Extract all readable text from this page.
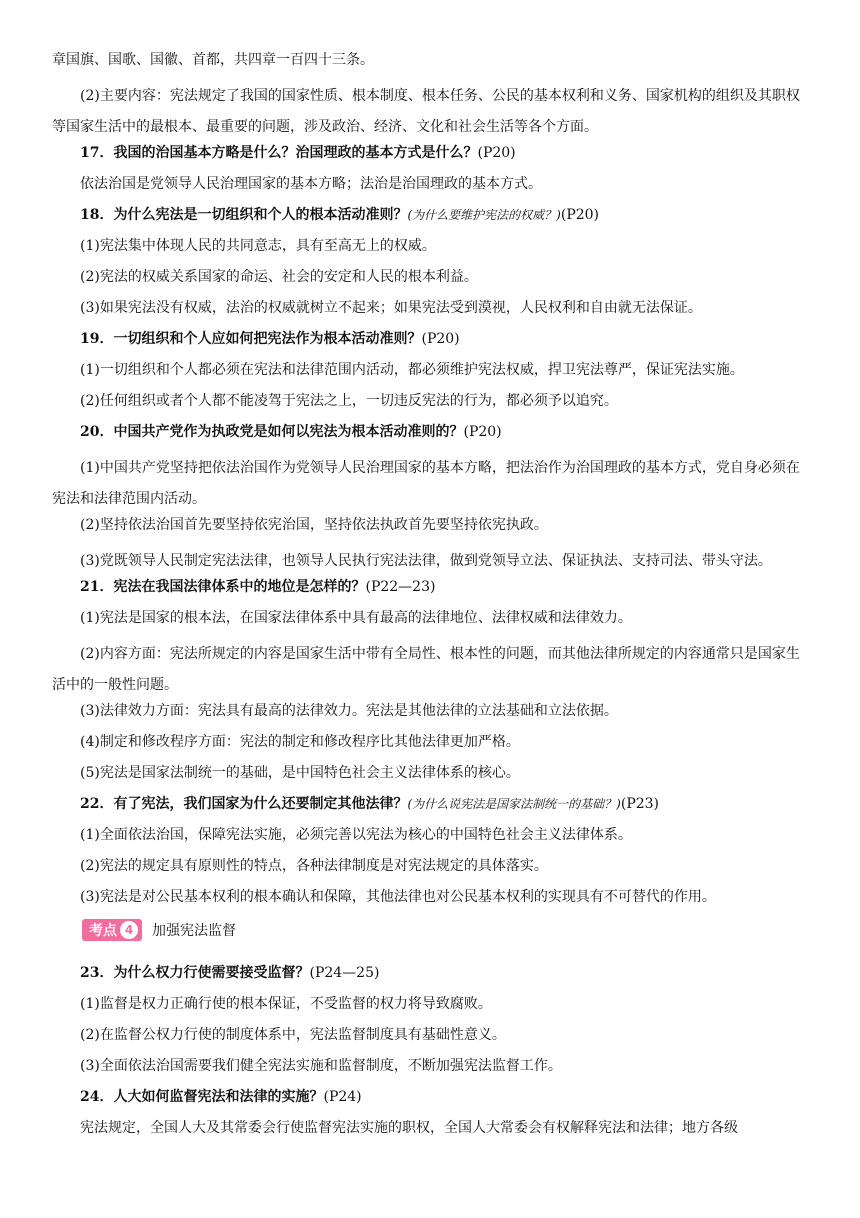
章国旗、国歌、国徽、首都，共四章一百四十三条。
(2)主要内容：宪法规定了我国的国家性质、根本制度、根本任务、公民的基本权利和义务、国家机构的组织及其职权等国家生活中的最根本、最重要的问题，涉及政治、经济、文化和社会生活等各个方面。
17．我国的治国基本方略是什么？治国理政的基本方式是什么？(P20)
依法治国是党领导人民治理国家的基本方略；法治是治国理政的基本方式。
18．为什么宪法是一切组织和个人的根本活动准则？(为什么要维护宪法的权威？)(P20)
(1)宪法集中体现人民的共同意志，具有至高无上的权威。
(2)宪法的权威关系国家的命运、社会的安定和人民的根本利益。
(3)如果宪法没有权威，法治的权威就树立不起来；如果宪法受到漠视，人民权利和自由就无法保证。
19．一切组织和个人应如何把宪法作为根本活动准则？(P20)
(1)一切组织和个人都必须在宪法和法律范围内活动，都必须维护宪法权威，捍卫宪法尊严，保证宪法实施。
(2)任何组织或者个人都不能凌驾于宪法之上，一切违反宪法的行为，都必须予以追究。
20．中国共产党作为执政党是如何以宪法为根本活动准则的？(P20)
(1)中国共产党坚持把依法治国作为党领导人民治理国家的基本方略，把法治作为治国理政的基本方式，党自身必须在宪法和法律范围内活动。
(2)坚持依法治国首先要坚持依宪治国，坚持依法执政首先要坚持依宪执政。
(3)党既领导人民制定宪法法律，也领导人民执行宪法法律，做到党领导立法、保证执法、支持司法、带头守法。
21．宪法在我国法律体系中的地位是怎样的？(P22—23)
(1)宪法是国家的根本法，在国家法律体系中具有最高的法律地位、法律权威和法律效力。
(2)内容方面：宪法所规定的内容是国家生活中带有全局性、根本性的问题，而其他法律所规定的内容通常只是国家生活中的一般性问题。
(3)法律效力方面：宪法具有最高的法律效力。宪法是其他法律的立法基础和立法依据。
(4)制定和修改程序方面：宪法的制定和修改程序比其他法律更加严格。
(5)宪法是国家法制统一的基础，是中国特色社会主义法律体系的核心。
22．有了宪法，我们国家为什么还要制定其他法律？(为什么说宪法是国家法制统一的基础？)(P23)
(1)全面依法治国，保障宪法实施，必须完善以宪法为核心的中国特色社会主义法律体系。
(2)宪法的规定具有原则性的特点，各种法律制度是对宪法规定的具体落实。
(3)宪法是对公民基本权利的根本确认和保障，其他法律也对公民基本权利的实现具有不可替代的作用。
考点 4	加强宪法监督
23．为什么权力行使需要接受监督？(P24—25)
(1)监督是权力正确行使的根本保证，不受监督的权力将导致腐败。
(2)在监督公权力行使的制度体系中，宪法监督制度具有基础性意义。
(3)全面依法治国需要我们健全宪法实施和监督制度，不断加强宪法监督工作。
24．人大如何监督宪法和法律的实施？(P24)
宪法规定，全国人大及其常委会行使监督宪法实施的职权，全国人大常委会有权解释宪法和法律；地方各级
